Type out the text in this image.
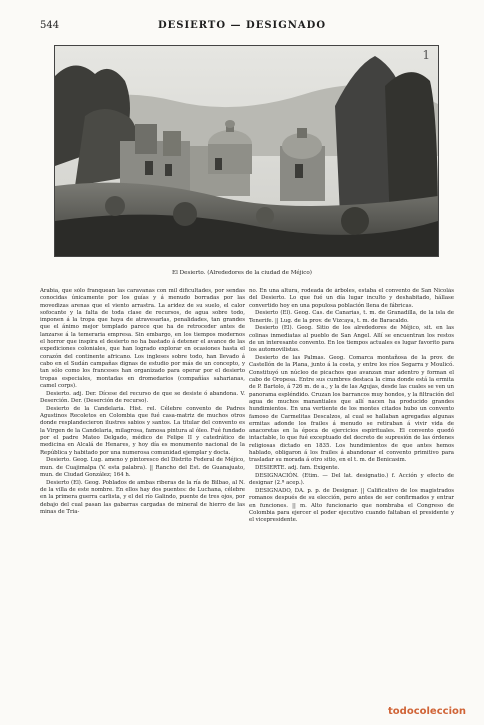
544	DESIERTO — DESIGNADO
1
El Desierto. (Alrededores de la ciudad de Méjico)

Arabia, que sólo franquean las caravanas con mil dificultades, por sendas conocidas únicamente por los guías y á menudo borradas por las movedizas arenas que el viento arrastra. La aridez de su suelo, el calor sofocante y la falta de toda clase de recursos, de agua sobre todo, imponen á la tropa que haya de atravesarlas, penalidades, tan grandes que el ánimo mejor templado parece que ha de retroceder antes de lanzarse á la temeraria empresa. Sin embargo, en los tiempos modernos el horror que inspira el desierto no ha bastado á detener el avance de las expediciones coloniales, que han logrado explorar en ocasiones hasta el corazón del continente africano. Los ingleses sobre todo, han llevado á cabo en el Sudán campañas dignas de estudio por más de un concepto, y tan sólo como los franceses han organizado para operar por el desierto tropas especiales, montadas en dromedarios (compañías saharianas, camel corps).

Desierto. adj. Der. Dícese del recurso de que se desiste ó abandona. V. Deserción. Der. (Deserción de recurso).

Desierto de la Candelaria. Hist. rel. Célebre convento de Padres Agustinos Recoletos en Colombia que fué casa-matriz de muchos otros donde resplandecieron ilustres sabios y santos. La titular del convento es la Virgen de la Candelaria, milagrosa, famosa pintura al óleo. Fué fundado por el padre Mateo Delgado, médico de Felipe II y catedrático de medicina en Alcalá de Henares, y hoy día es monumento nacional de la República y habitado por una numerosa comunidad ejemplar y docta.

Desierto. Geog. Lug. ameno y pintoresco del Distrito Federal de Méjico, mun. de Cuajimalpa (V. esta palabra). || Rancho del Est. de Guanajuato, mun. de Ciudad González; 164 h.

Desierto (El). Geog. Poblados de ambas riberas de la ría de Bilbao, al N. de la villa de este nombre. En ellos hay dos puentes: de Luchana, célebre en la primera guerra carlista, y el del río Galindo, puente de tres ojos, por debajo del cual pasan las gabarras cargadas de mineral de hierro de las minas de Tria-

no. En una altura, rodeada de árboles, estaba el convento de San Nicolás del Desierto. Lo que fué un día lugar inculto y deshabitado, hállase convertido hoy en una populosa población llena de fábricas.

Desierto (El). Geog. Cas. de Canarias, t. m. de Granadilla, de la isla de Tenerife. || Lug. de la prov. de Vizcaya, t. m. de Baracaldo.

Desierto (El). Geog. Sitio de los alrededores de Méjico, sit. en las colinas inmediatas al pueblo de San Angel. Allí se encuentran los restos de un interesante convento. En los tiempos actuales es lugar favorito para los automovilistas.

Desierto de las Palmas. Geog. Comarca montañosa de la prov. de Castellón de la Plana, junto á la costa, y entre los ríos Segarra y Moulicó. Constituyó un núcleo de picachos que avanzan mar adentro y forman el cabo de Oropesa. Entre sus cumbres destaca la cima donde está la ermita de P. Bartolo, á 726 m. de a., y la de las Agujas, desde las cuales se ven un panorama espléndido. Cruzan los barrancos muy hondos, y la filtración del agua de muchos manantiales que allí nacen ha producido grandes hundimientos. En una vertiente de los montes citados hubo un convento famoso de Carmelitas Descalzos, al cual se hallaban agregadas algunas ermitas adonde los frailes á menudo se retiraban á vivir vida de anacoretas en la época de ejercicios espirituales. El convento quedó intactable, lo que fué exceptuado del decreto de supresión de las órdenes religiosas dictado en 1835. Los hundimientos de que antes hemos hablado, obligaron á los frailes á abandonar el convento primitivo para trasladar su morada á otro sitio, en el t. m. de Benicasim.

DESIERTE. adj. fam. Exigente.

DESIGNACIÓN. (Etim. — Del lat. designatio.) f. Acción y efecto de designar (2.ª acep.).

DESIGNADO, DA. p. p. de Designar. || Calificativo de los magistrados romanos después de su elección, pero antes de ser confirmados y entrar en funciones. || m. Alto funcionario que nombraba el Congreso de Colombia para ejercer el poder ejecutivo cuando faltaban el presidente y el vicepresidente.

todocoleccion
